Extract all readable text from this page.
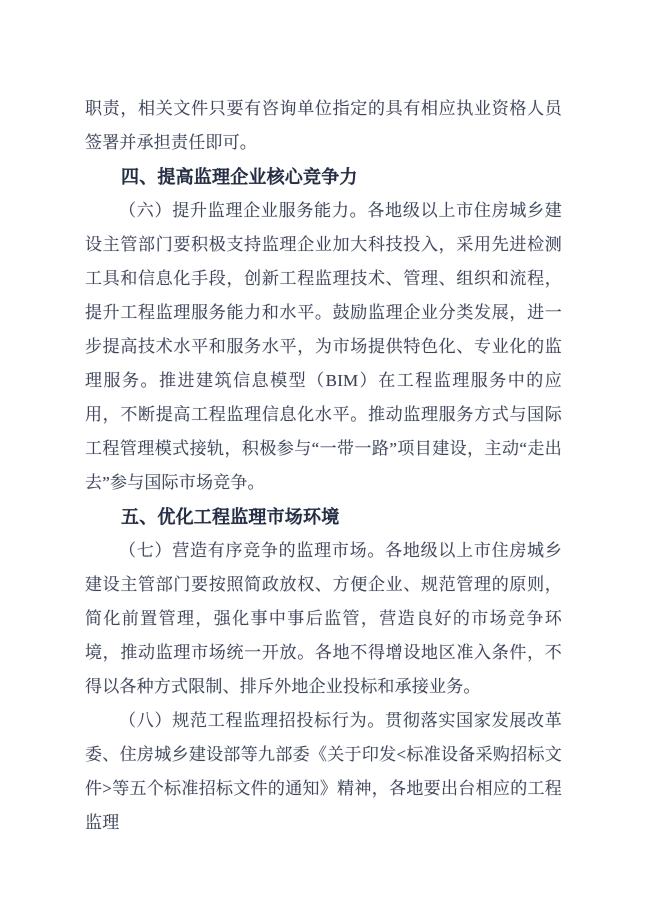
职责，相关文件只要有咨询单位指定的具有相应执业资格人员签署并承担责任即可。

四、提高监理企业核心竞争力

（六）提升监理企业服务能力。各地级以上市住房城乡建设主管部门要积极支持监理企业加大科技投入，采用先进检测工具和信息化手段，创新工程监理技术、管理、组织和流程，提升工程监理服务能力和水平。鼓励监理企业分类发展，进一步提高技术水平和服务水平，为市场提供特色化、专业化的监理服务。推进建筑信息模型（BIM）在工程监理服务中的应用，不断提高工程监理信息化水平。推动监理服务方式与国际工程管理模式接轨，积极参与“一带一路”项目建设，主动“走出去”参与国际市场竞争。

五、优化工程监理市场环境

（七）营造有序竞争的监理市场。各地级以上市住房城乡建设主管部门要按照简政放权、方便企业、规范管理的原则，简化前置管理，强化事中事后监管，营造良好的市场竞争环境，推动监理市场统一开放。各地不得增设地区准入条件，不得以各种方式限制、排斥外地企业投标和承接业务。

（八）规范工程监理招投标行为。贯彻落实国家发展改革委、住房城乡建设部等九部委《关于印发<标准设备采购招标文件>等五个标准招标文件的通知》精神，各地要出台相应的工程监理
